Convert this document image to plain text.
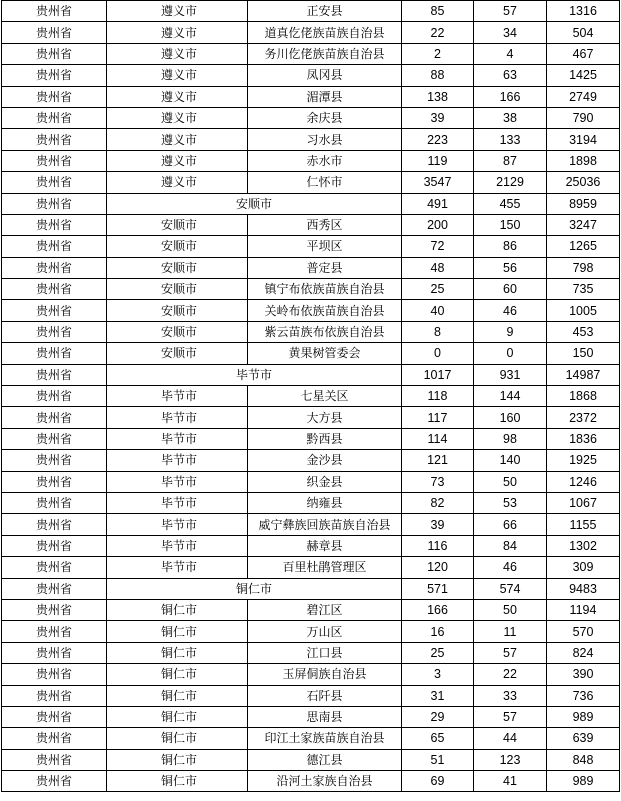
贵州省	遵义市	正安县	85	57	1316
贵州省	遵义市	道真仡佬族苗族自治县	22	34	504
贵州省	遵义市	务川仡佬族苗族自治县	2	4	467
贵州省	遵义市	凤冈县	88	63	1425
贵州省	遵义市	湄潭县	138	166	2749
贵州省	遵义市	余庆县	39	38	790
贵州省	遵义市	习水县	223	133	3194
贵州省	遵义市	赤水市	119	87	1898
贵州省	遵义市	仁怀市	3547	2129	25036
贵州省	安顺市		491	455	8959
贵州省	安顺市	西秀区	200	150	3247
贵州省	安顺市	平坝区	72	86	1265
贵州省	安顺市	普定县	48	56	798
贵州省	安顺市	镇宁布依族苗族自治县	25	60	735
贵州省	安顺市	关岭布依族苗族自治县	40	46	1005
贵州省	安顺市	紫云苗族布依族自治县	8	9	453
贵州省	安顺市	黄果树管委会	0	0	150
贵州省	毕节市		1017	931	14987
贵州省	毕节市	七星关区	118	144	1868
贵州省	毕节市	大方县	117	160	2372
贵州省	毕节市	黔西县	114	98	1836
贵州省	毕节市	金沙县	121	140	1925
贵州省	毕节市	织金县	73	50	1246
贵州省	毕节市	纳雍县	82	53	1067
贵州省	毕节市	威宁彝族回族苗族自治县	39	66	1155
贵州省	毕节市	赫章县	116	84	1302
贵州省	毕节市	百里杜鹃管理区	120	46	309
贵州省	铜仁市		571	574	9483
贵州省	铜仁市	碧江区	166	50	1194
贵州省	铜仁市	万山区	16	11	570
贵州省	铜仁市	江口县	25	57	824
贵州省	铜仁市	玉屏侗族自治县	3	22	390
贵州省	铜仁市	石阡县	31	33	736
贵州省	铜仁市	思南县	29	57	989
贵州省	铜仁市	印江土家族苗族自治县	65	44	639
贵州省	铜仁市	德江县	51	123	848
贵州省	铜仁市	沿河土家族自治县	69	41	989
